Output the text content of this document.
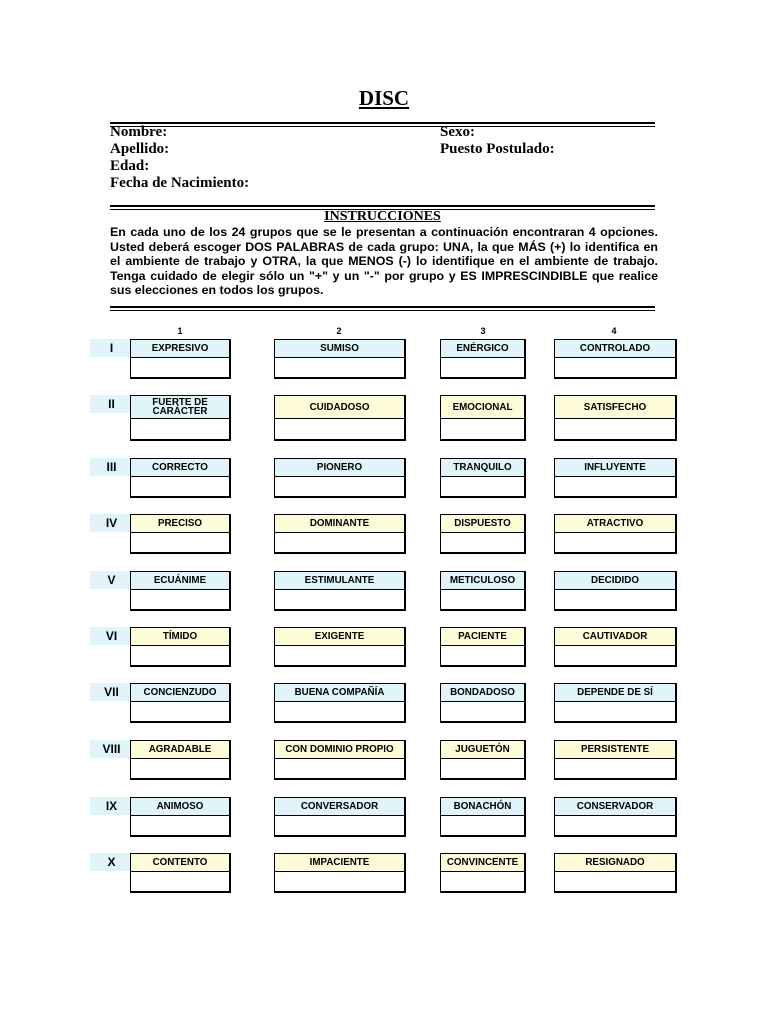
DISC
Nombre:
Apellido:
Edad:
Fecha de Nacimiento:
Sexo:
Puesto Postulado:
INSTRUCCIONES
En cada uno de los 24 grupos que se le presentan a continuación encontraran 4 opciones. Usted deberá escoger DOS PALABRAS de cada grupo: UNA, la que MÁS (+) lo identifica en el ambiente de trabajo y OTRA, la que MENOS (-) lo identifique en el ambiente de trabajo. Tenga cuidado de elegir sólo un "+" y un "-" por grupo y ES IMPRESCINDIBLE que realice sus elecciones en todos los grupos.
1	2	3	4
I	EXPRESIVO	SUMISO	ENÉRGICO	CONTROLADO
II	FUERTE DE CARÁCTER	CUIDADOSO	EMOCIONAL	SATISFECHO
III	CORRECTO	PIONERO	TRANQUILO	INFLUYENTE
IV	PRECISO	DOMINANTE	DISPUESTO	ATRACTIVO
V	ECUÁNIME	ESTIMULANTE	METICULOSO	DECIDIDO
VI	TÍMIDO	EXIGENTE	PACIENTE	CAUTIVADOR
VII	CONCIENZUDO	BUENA COMPAÑÍA	BONDADOSO	DEPENDE DE SÍ
VIII	AGRADABLE	CON DOMINIO PROPIO	JUGUETÓN	PERSISTENTE
IX	ANIMOSO	CONVERSADOR	BONACHÓN	CONSERVADOR
X	CONTENTO	IMPACIENTE	CONVINCENTE	RESIGNADO
